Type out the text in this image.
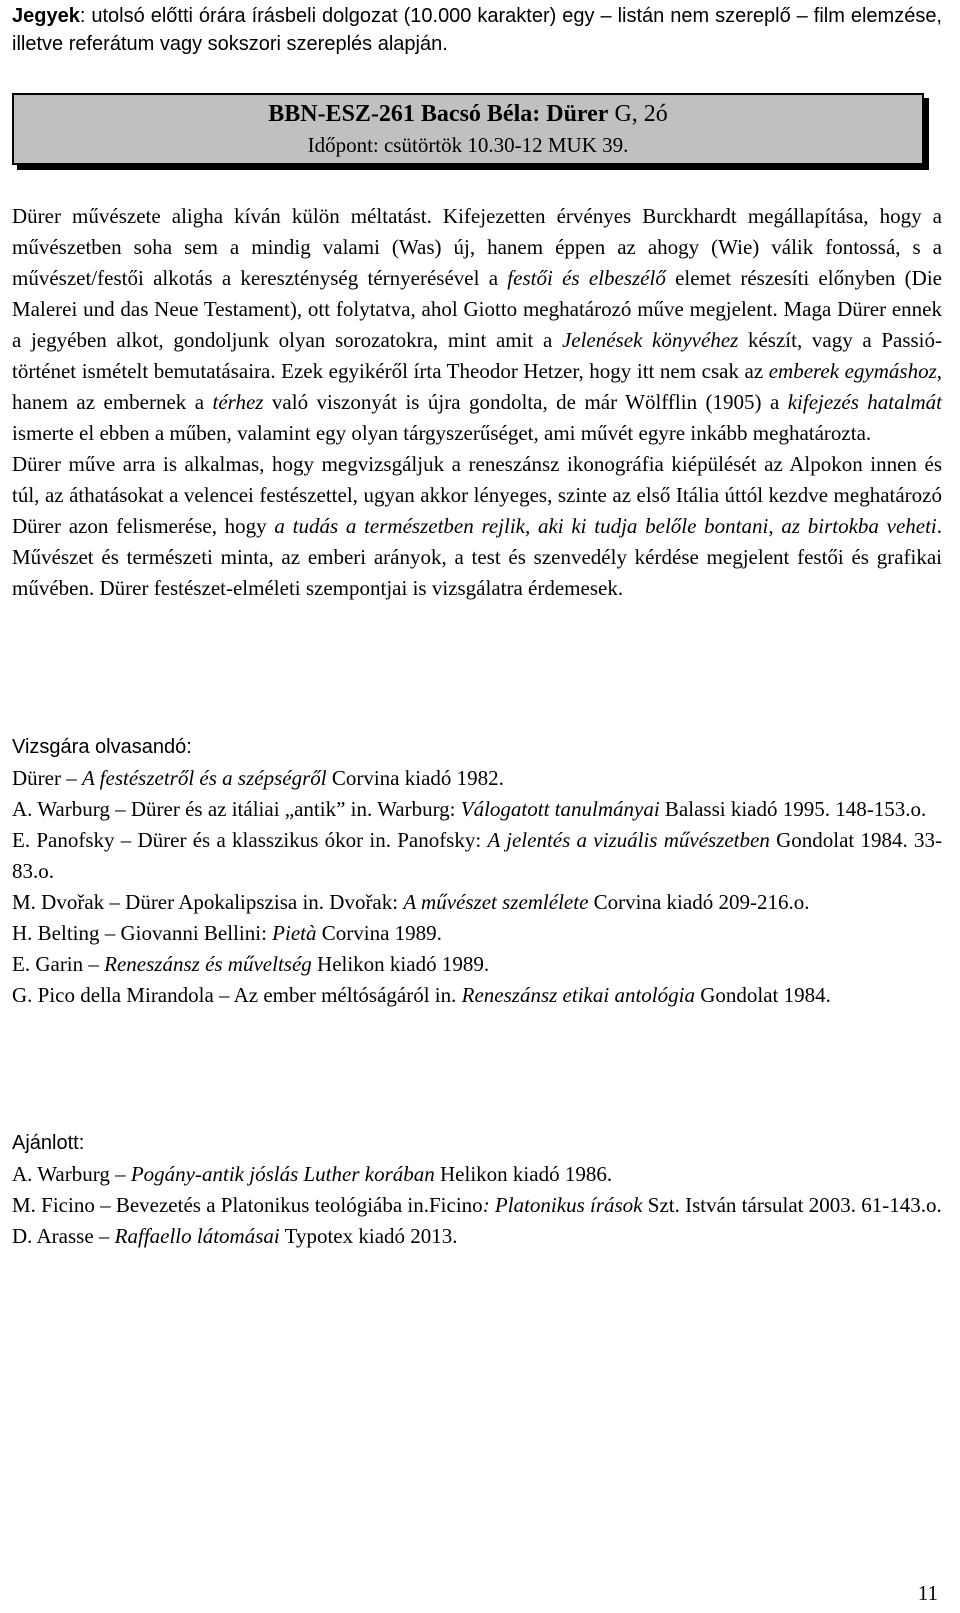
Jegyek: utolsó előtti órára írásbeli dolgozat (10.000 karakter) egy – listán nem szereplő – film elemzése, illetve referátum vagy sokszori szereplés alapján.

BBN-ESZ-261 Bacsó Béla: Dürer G, 2ó
Időpont: csütörtök 10.30-12 MUK 39.

Dürer művészete aligha kíván külön méltatást. Kifejezetten érvényes Burckhardt megállapítása, hogy a művészetben soha sem a mindig valami (Was) új, hanem éppen az ahogy (Wie) válik fontossá, s a művészet/festői alkotás a kereszténység térnyerésével a festői és elbeszélő elemet részesíti előnyben (Die Malerei und das Neue Testament), ott folytatva, ahol Giotto meghatározó műve megjelent. Maga Dürer ennek a jegyében alkot, gondoljunk olyan sorozatokra, mint amit a Jelenések könyvéhez készít, vagy a Passió-történet ismételt bemutatásaira. Ezek egyikéről írta Theodor Hetzer, hogy itt nem csak az emberek egymáshoz, hanem az embernek a térhez való viszonyát is újra gondolta, de már Wölfflin (1905) a kifejezés hatalmát ismerte el ebben a műben, valamint egy olyan tárgyszerűséget, ami művét egyre inkább meghatározta.

Dürer műve arra is alkalmas, hogy megvizsgáljuk a reneszánsz ikonográfia kiépülését az Alpokon innen és túl, az áthatásokat a velencei festészettel, ugyan akkor lényeges, szinte az első Itália úttól kezdve meghatározó Dürer azon felismerése, hogy a tudás a természetben rejlik, aki ki tudja belőle bontani, az birtokba veheti. Művészet és természeti minta, az emberi arányok, a test és szenvedély kérdése megjelent festői és grafikai művében. Dürer festészet-elméleti szempontjai is vizsgálatra érdemesek.

Vizsgára olvasandó:

Dürer – A festészetről és a szépségről Corvina kiadó 1982.

A. Warburg – Dürer és az itáliai „antik” in. Warburg: Válogatott tanulmányai Balassi kiadó 1995. 148-153.o.

E. Panofsky – Dürer és a klasszikus ókor in. Panofsky: A jelentés a vizuális művészetben Gondolat 1984. 33-83.o.

M. Dvořak – Dürer Apokalipszisa in. Dvořak: A művészet szemlélete Corvina kiadó 209-216.o.

H. Belting – Giovanni Bellini: Pietà Corvina 1989.

E. Garin – Reneszánsz és műveltség Helikon kiadó 1989.

G. Pico della Mirandola – Az ember méltóságáról in. Reneszánsz etikai antológia Gondolat 1984.

Ajánlott:

A. Warburg – Pogány-antik jóslás Luther korában Helikon kiadó 1986.

M. Ficino – Bevezetés a Platonikus teológiába in.Ficino: Platonikus írások Szt. István társulat 2003. 61-143.o.

D. Arasse – Raffaello látomásai Typotex kiadó 2013.

11
